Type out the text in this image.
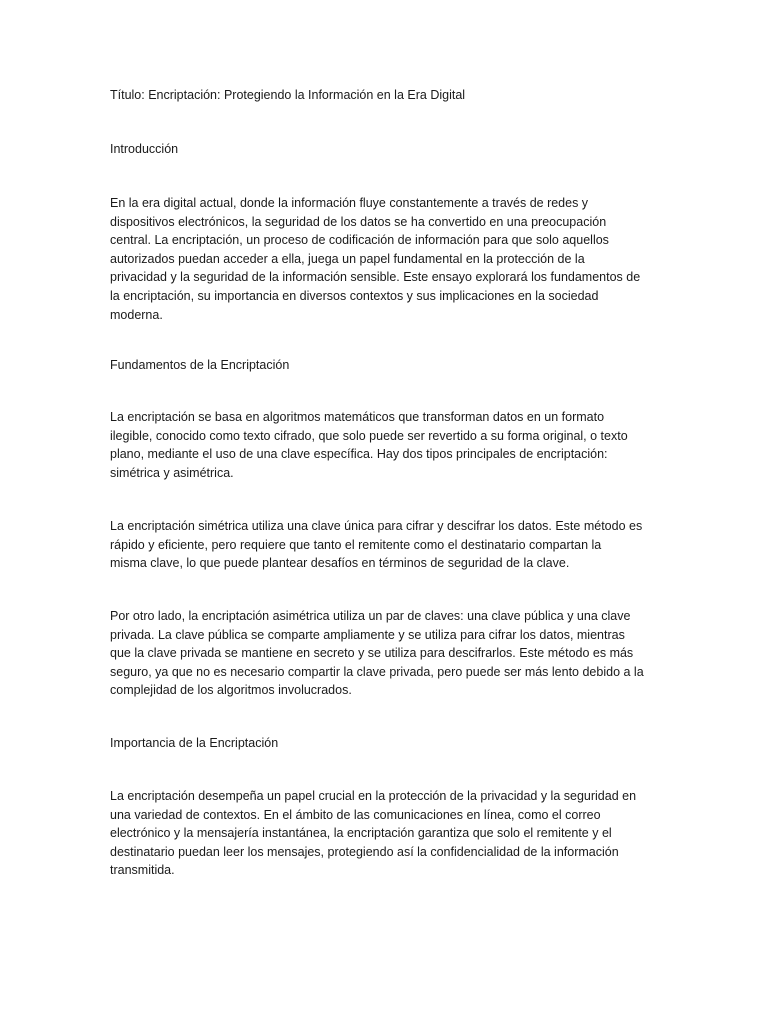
Título: Encriptación: Protegiendo la Información en la Era Digital
Introducción
En la era digital actual, donde la información fluye constantemente a través de redes y
dispositivos electrónicos, la seguridad de los datos se ha convertido en una preocupación
central. La encriptación, un proceso de codificación de información para que solo aquellos
autorizados puedan acceder a ella, juega un papel fundamental en la protección de la
privacidad y la seguridad de la información sensible. Este ensayo explorará los fundamentos de
la encriptación, su importancia en diversos contextos y sus implicaciones en la sociedad
moderna.
Fundamentos de la Encriptación
La encriptación se basa en algoritmos matemáticos que transforman datos en un formato
ilegible, conocido como texto cifrado, que solo puede ser revertido a su forma original, o texto
plano, mediante el uso de una clave específica. Hay dos tipos principales de encriptación:
simétrica y asimétrica.
La encriptación simétrica utiliza una clave única para cifrar y descifrar los datos. Este método es
rápido y eficiente, pero requiere que tanto el remitente como el destinatario compartan la
misma clave, lo que puede plantear desafíos en términos de seguridad de la clave.
Por otro lado, la encriptación asimétrica utiliza un par de claves: una clave pública y una clave
privada. La clave pública se comparte ampliamente y se utiliza para cifrar los datos, mientras
que la clave privada se mantiene en secreto y se utiliza para descifrarlos. Este método es más
seguro, ya que no es necesario compartir la clave privada, pero puede ser más lento debido a la
complejidad de los algoritmos involucrados.
Importancia de la Encriptación
La encriptación desempeña un papel crucial en la protección de la privacidad y la seguridad en
una variedad de contextos. En el ámbito de las comunicaciones en línea, como el correo
electrónico y la mensajería instantánea, la encriptación garantiza que solo el remitente y el
destinatario puedan leer los mensajes, protegiendo así la confidencialidad de la información
transmitida.
